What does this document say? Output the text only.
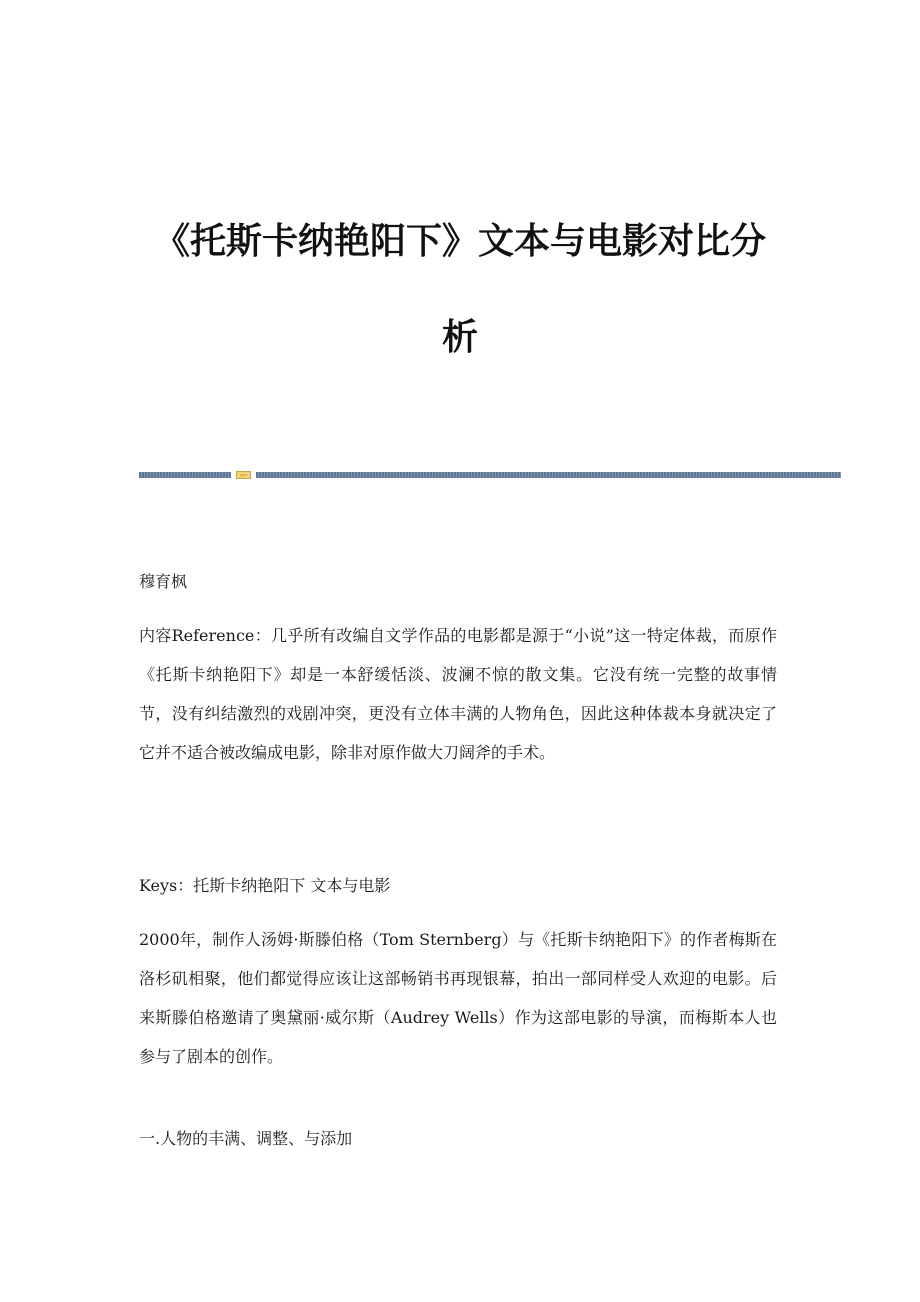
《托斯卡纳艳阳下》文本与电影对比分
析

穆育枫

内容Reference：几乎所有改编自文学作品的电影都是源于“小说”这一特定体裁，而原作《托斯卡纳艳阳下》却是一本舒缓恬淡、波澜不惊的散文集。它没有统一完整的故事情节，没有纠结激烈的戏剧冲突，更没有立体丰满的人物角色，因此这种体裁本身就决定了它并不适合被改编成电影，除非对原作做大刀阔斧的手术。

Keys：托斯卡纳艳阳下 文本与电影

2000年，制作人汤姆·斯滕伯格（Tom Sternberg）与《托斯卡纳艳阳下》的作者梅斯在洛杉矶相聚，他们都觉得应该让这部畅销书再现银幕，拍出一部同样受人欢迎的电影。后来斯滕伯格邀请了奥黛丽·威尔斯（Audrey Wells）作为这部电影的导演，而梅斯本人也参与了剧本的创作。

一.人物的丰满、调整、与添加
